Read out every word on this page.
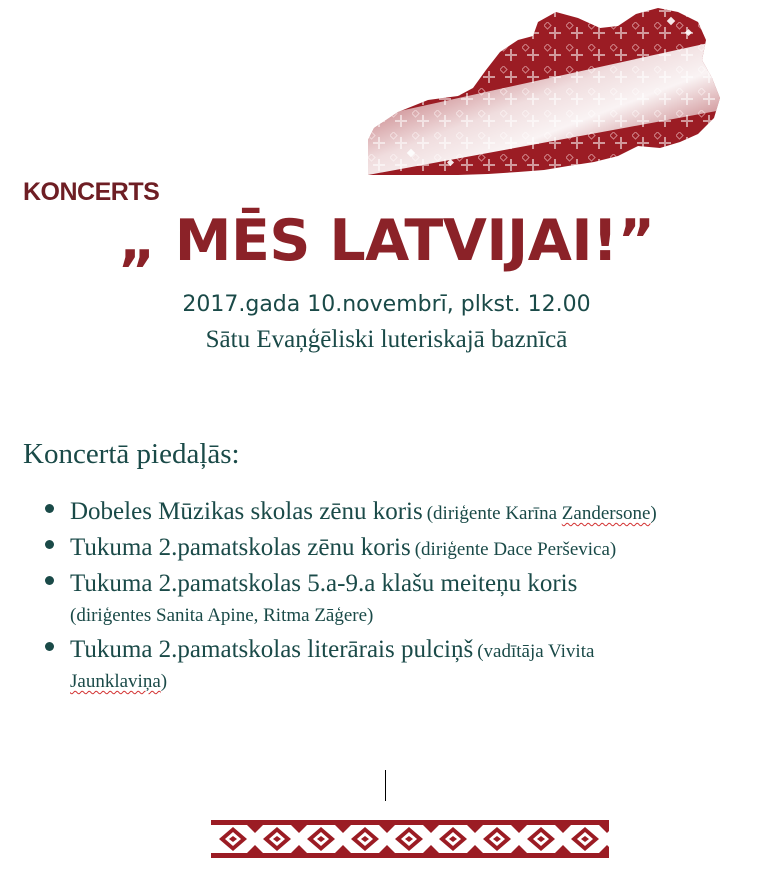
KONCERTS
„ MĒS LATVIJAI!”
2017.gada 10.novembrī, plkst. 12.00
Sātu Evaņģēliski luteriskajā baznīcā
Koncertā piedaļās:
Dobeles Mūzikas skolas zēnu koris (diriģente Karīna Zandersone)
Tukuma 2.pamatskolas zēnu koris (diriģente Dace Perševica)
Tukuma 2.pamatskolas 5.a-9.a klašu meiteņu koris
(diriģentes Sanita Apine, Ritma Zāģere)
Tukuma 2.pamatskolas literārais pulciņš (vadītāja Vivita
Jaunklaviņa)
